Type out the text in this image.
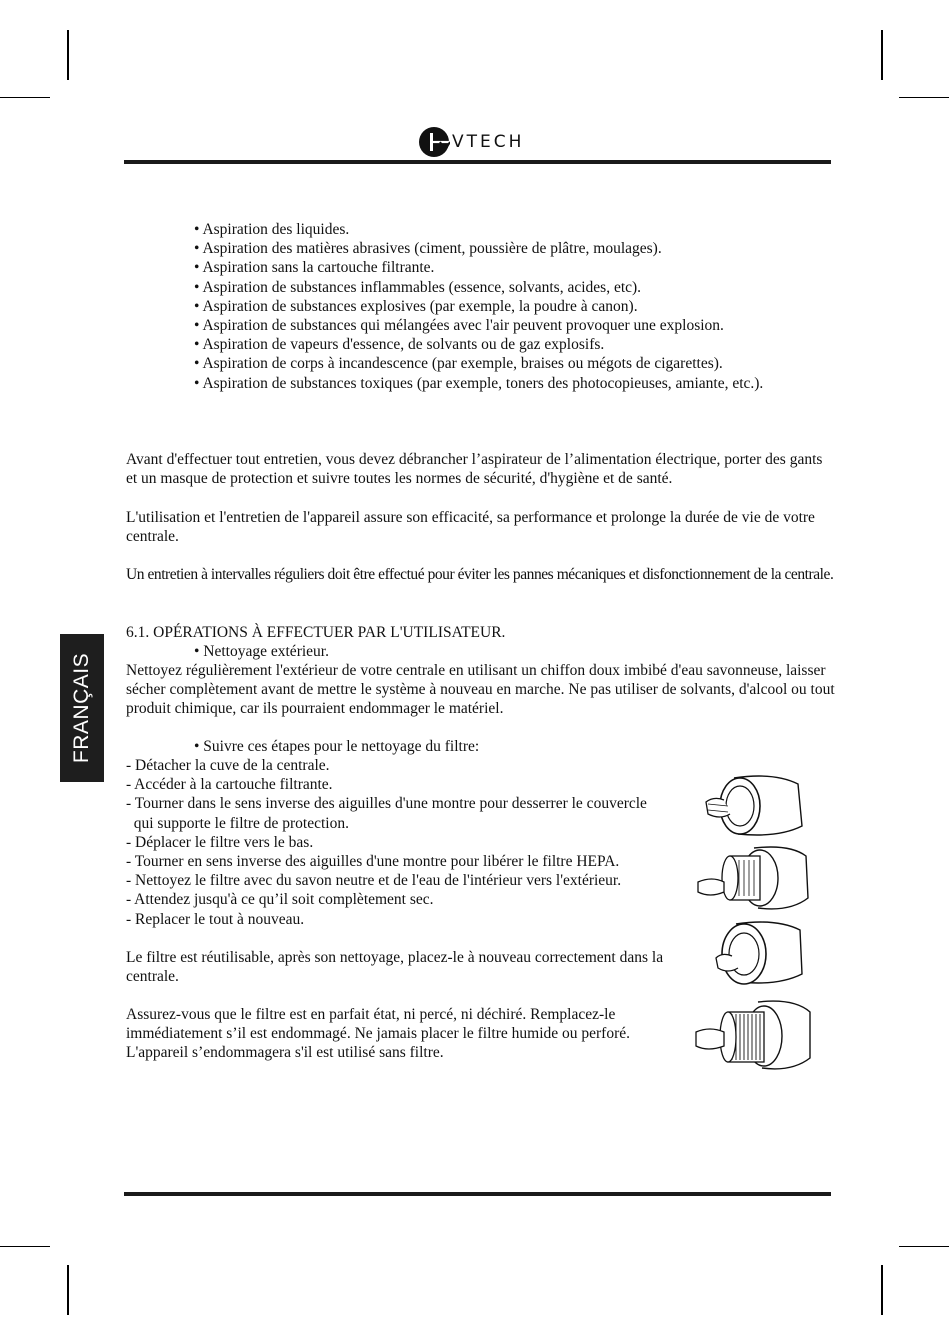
VTECH
• Aspiration des liquides.
• Aspiration des matières abrasives (ciment, poussière de plâtre, moulages).
• Aspiration sans la cartouche filtrante.
• Aspiration de substances inflammables (essence, solvants, acides, etc).
• Aspiration de substances explosives (par exemple, la poudre à canon).
• Aspiration de substances qui mélangées avec l'air peuvent provoquer une explosion.
• Aspiration de vapeurs d'essence, de solvants ou de gaz explosifs.
• Aspiration de corps à incandescence (par exemple, braises ou mégots de cigarettes).
• Aspiration de substances toxiques (par exemple, toners des photocopieuses, amiante, etc.).
Avant d'effectuer tout entretien, vous devez débrancher l’aspirateur de l’alimentation électrique, porter des gants et un masque de protection et suivre toutes les normes de sécurité, d'hygiène et de santé.
L'utilisation et l'entretien de l'appareil assure son efficacité, sa performance et prolonge la durée de vie de votre centrale.
Un entretien à intervalles réguliers doit être effectué pour éviter les pannes mécaniques et disfonctionnement de la centrale.
6.1. OPÉRATIONS À EFFECTUER PAR L'UTILISATEUR.
• Nettoyage extérieur.
Nettoyez régulièrement l'extérieur de votre centrale en utilisant un chiffon doux imbibé d'eau savonneuse, laisser sécher complètement avant de mettre le système à nouveau en marche. Ne pas utiliser de solvants, d'alcool ou tout produit chimique, car ils pourraient endommager le matériel.
• Suivre ces étapes pour le nettoyage du filtre:
- Détacher la cuve de la centrale.
- Accéder à la cartouche filtrante.
- Tourner dans le sens inverse des aiguilles d'une montre pour desserrer le couvercle
qui supporte le filtre de protection.
- Déplacer le filtre vers le bas.
- Tourner en sens inverse des aiguilles d'une montre pour libérer le filtre HEPA.
- Nettoyez le filtre avec du savon neutre et de l'eau de l'intérieur vers l'extérieur.
- Attendez jusqu'à ce qu’il soit complètement sec.
- Replacer le tout à nouveau.
Le filtre est réutilisable, après son nettoyage, placez-le à nouveau correctement dans la centrale.
Assurez-vous que le filtre est en parfait état, ni percé, ni déchiré. Remplacez-le immédiatement s’il est endommagé. Ne jamais placer le filtre humide ou perforé. L'appareil s’endommagera s'il est utilisé sans filtre.
FRANÇAIS
